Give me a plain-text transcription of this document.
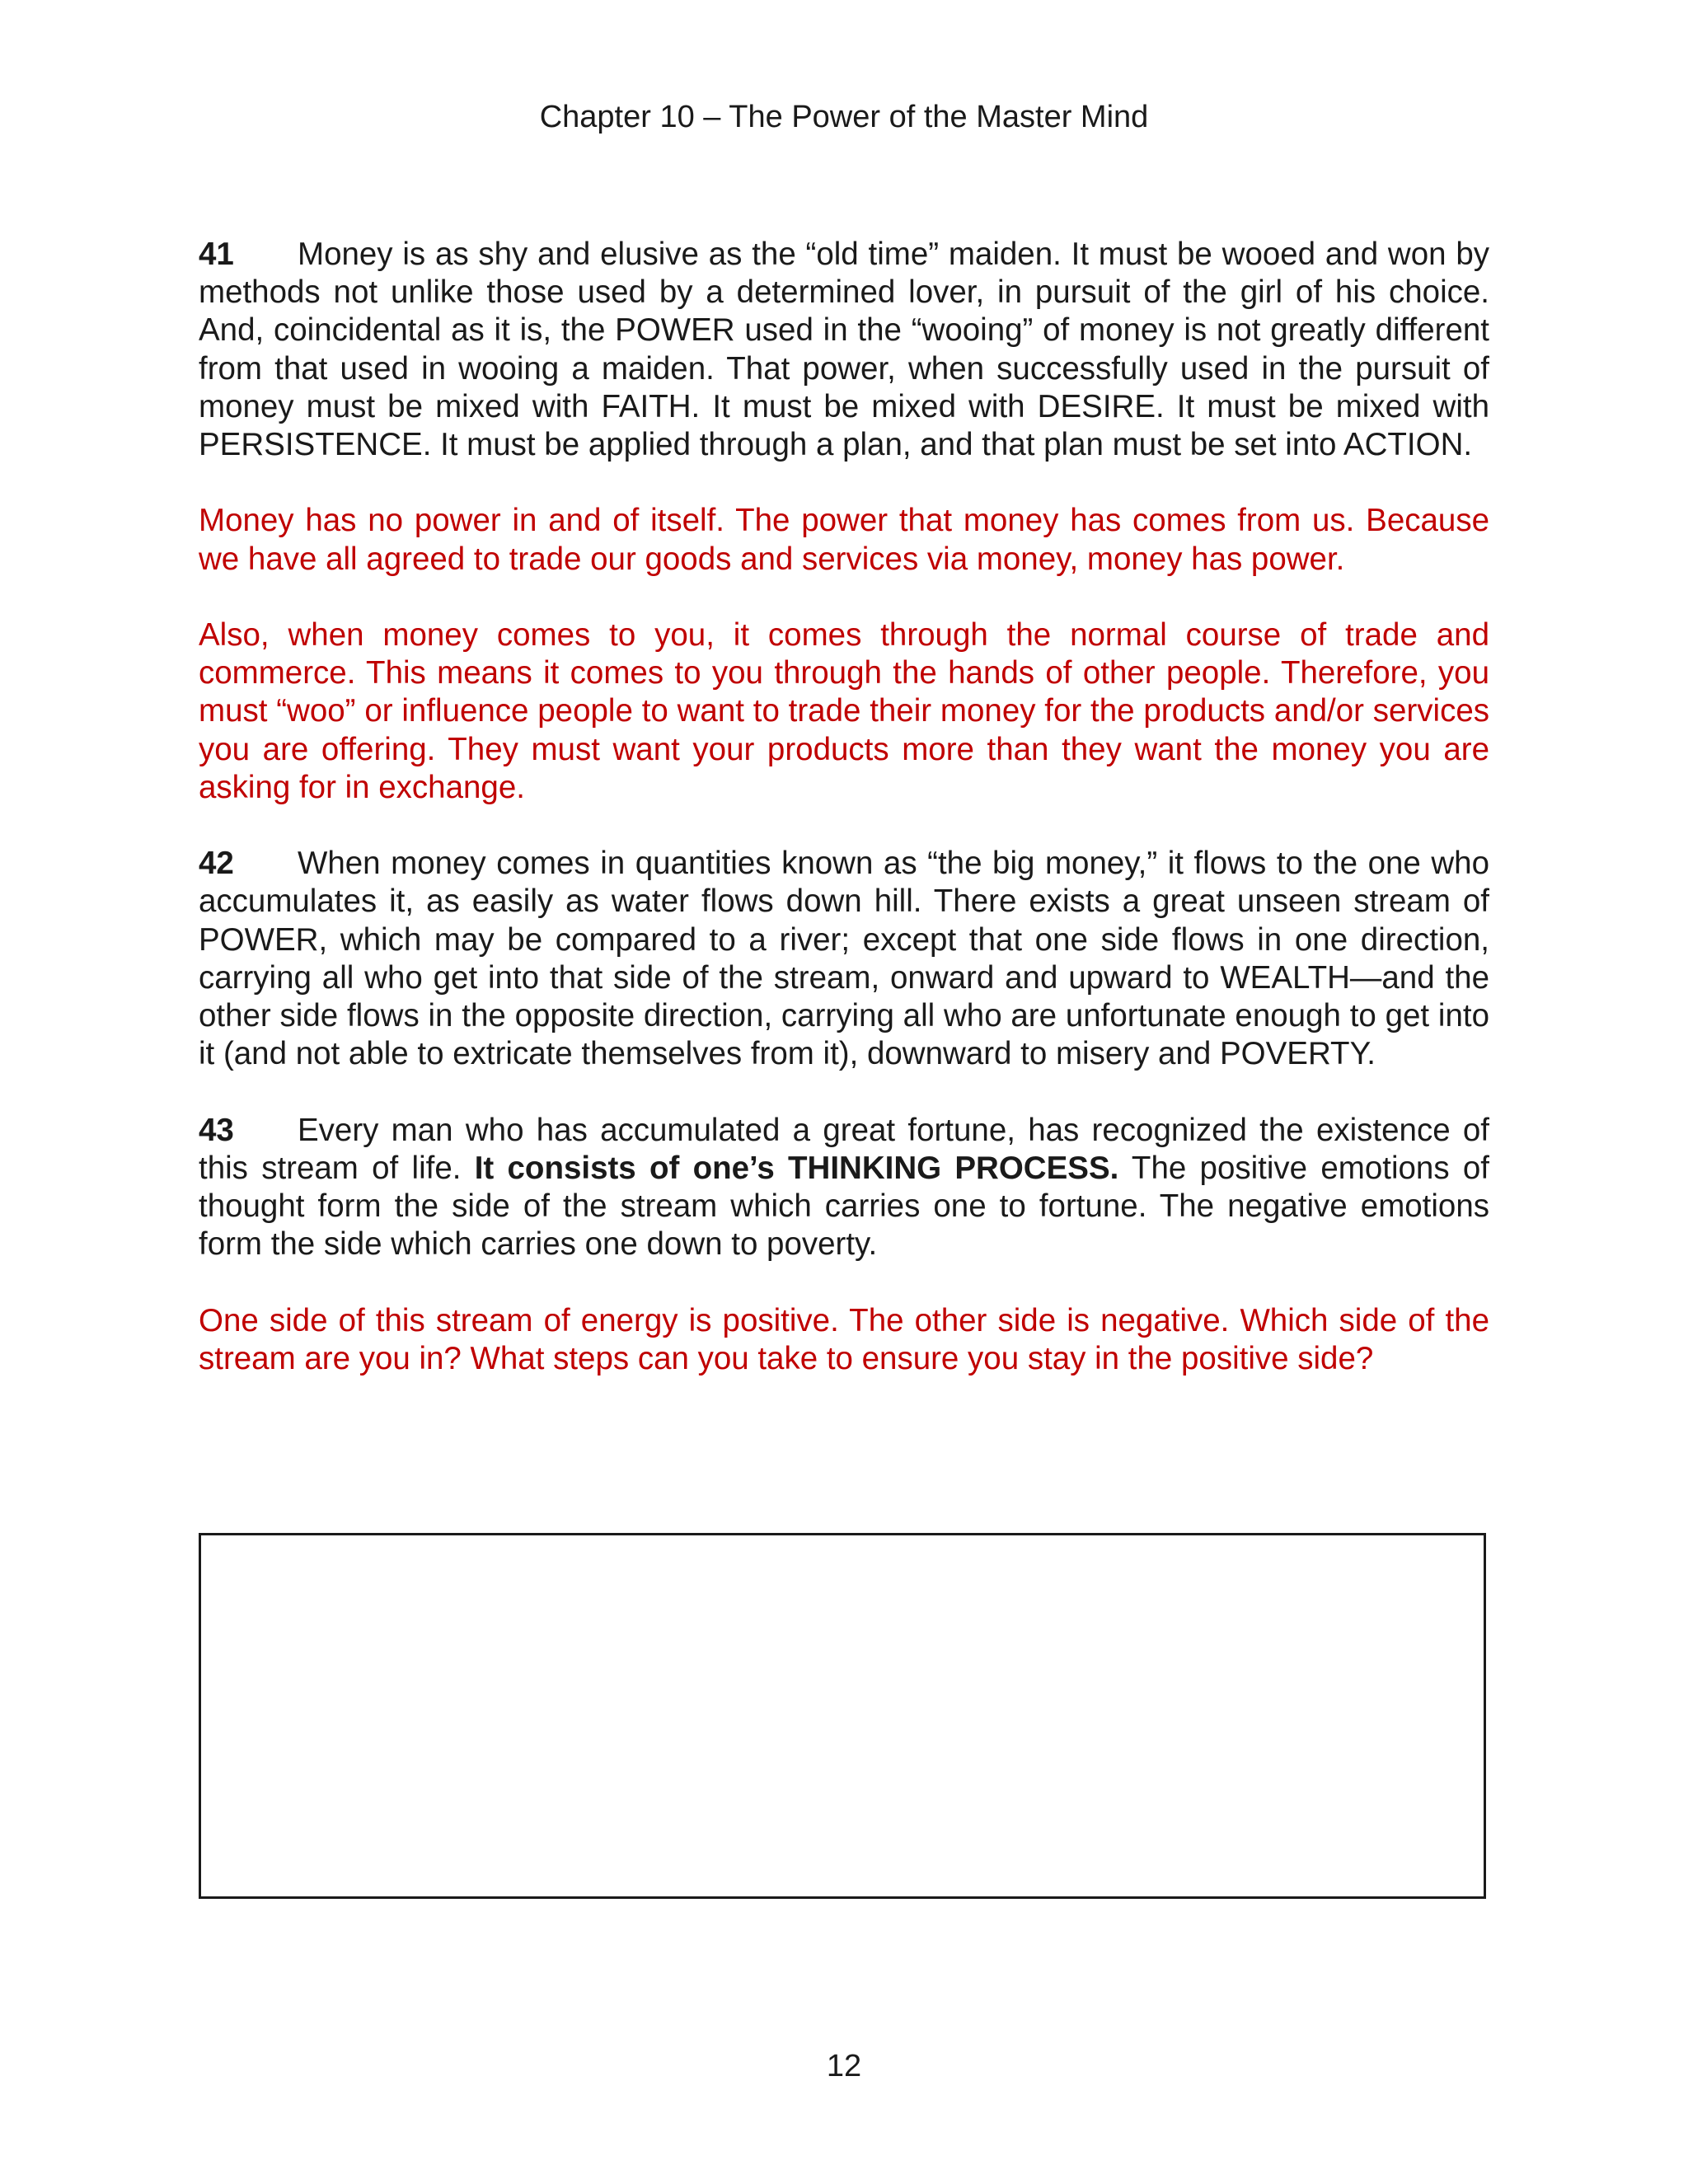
Chapter 10 – The Power of the Master Mind

41 Money is as shy and elusive as the “old time” maiden. It must be wooed and won by methods not unlike those used by a determined lover, in pursuit of the girl of his choice. And, coincidental as it is, the POWER used in the “wooing” of money is not greatly different from that used in wooing a maiden. That power, when successfully used in the pursuit of money must be mixed with FAITH. It must be mixed with DESIRE. It must be mixed with PERSISTENCE. It must be applied through a plan, and that plan must be set into ACTION.

Money has no power in and of itself. The power that money has comes from us. Because we have all agreed to trade our goods and services via money, money has power.

Also, when money comes to you, it comes through the normal course of trade and commerce. This means it comes to you through the hands of other people. Therefore, you must “woo” or influence people to want to trade their money for the products and/or services you are offering. They must want your products more than they want the money you are asking for in exchange.

42 When money comes in quantities known as “the big money,” it flows to the one who accumulates it, as easily as water flows down hill. There exists a great unseen stream of POWER, which may be compared to a river; except that one side flows in one direction, carrying all who get into that side of the stream, onward and upward to WEALTH—and the other side flows in the opposite direction, carrying all who are unfortunate enough to get into it (and not able to extricate themselves from it), downward to misery and POVERTY.

43 Every man who has accumulated a great fortune, has recognized the existence of this stream of life. It consists of one’s THINKING PROCESS. The positive emotions of thought form the side of the stream which carries one to fortune. The negative emotions form the side which carries one down to poverty.

One side of this stream of energy is positive. The other side is negative. Which side of the stream are you in? What steps can you take to ensure you stay in the positive side?

12
